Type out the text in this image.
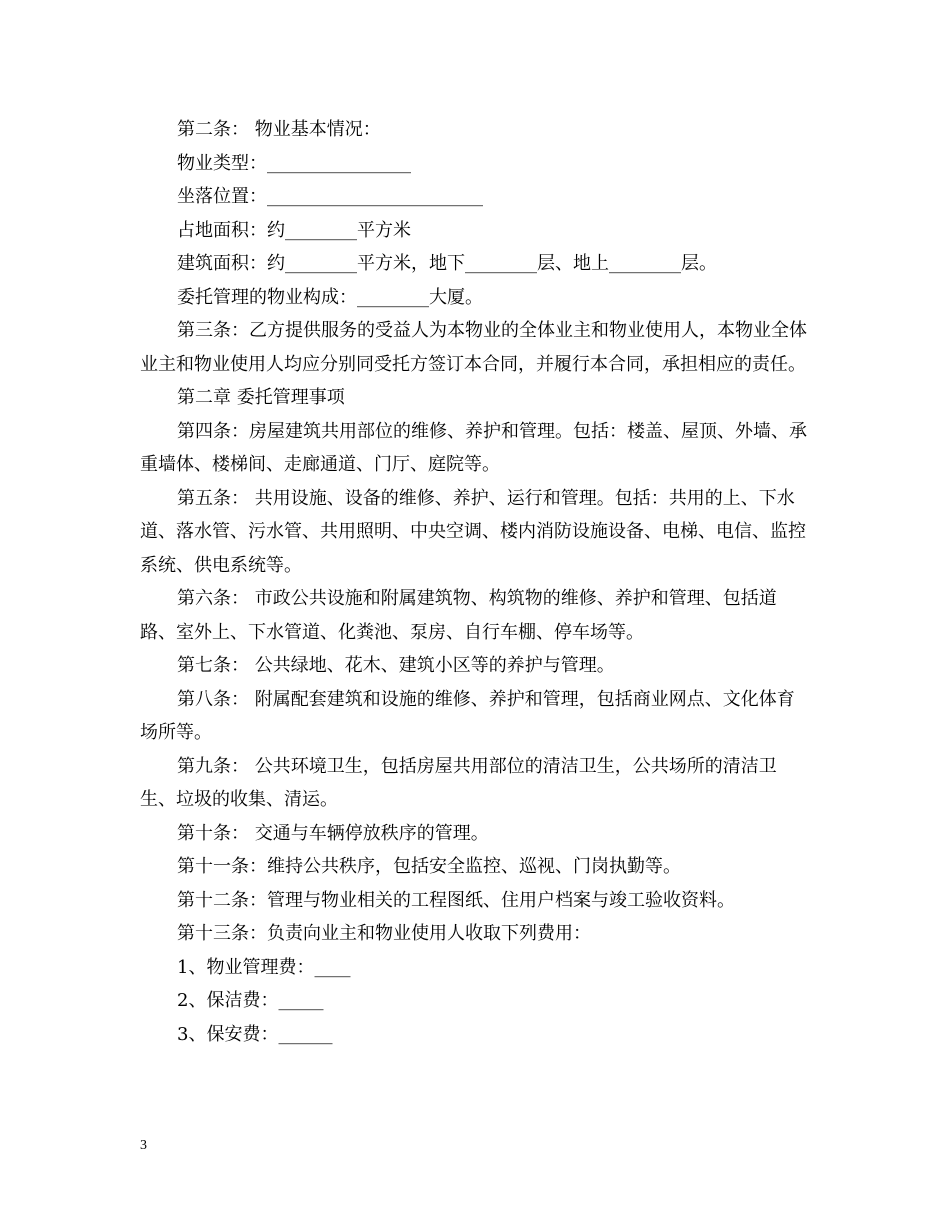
第二条： 物业基本情况：

物业类型：________________

坐落位置：________________________

占地面积：约________平方米

建筑面积：约________平方米，地下________层、地上________层。

委托管理的物业构成：________大厦。

第三条：乙方提供服务的受益人为本物业的全体业主和物业使用人，本物业全体业主和物业使用人均应分别同受托方签订本合同，并履行本合同，承担相应的责任。

第二章 委托管理事项

第四条：房屋建筑共用部位的维修、养护和管理。包括：楼盖、屋顶、外墙、承重墙体、楼梯间、走廊通道、门厅、庭院等。

第五条： 共用设施、设备的维修、养护、运行和管理。包括：共用的上、下水道、落水管、污水管、共用照明、中央空调、楼内消防设施设备、电梯、电信、监控系统、供电系统等。

第六条： 市政公共设施和附属建筑物、构筑物的维修、养护和管理、包括道路、室外上、下水管道、化粪池、泵房、自行车棚、停车场等。

第七条： 公共绿地、花木、建筑小区等的养护与管理。

第八条： 附属配套建筑和设施的维修、养护和管理，包括商业网点、文化体育场所等。

第九条： 公共环境卫生，包括房屋共用部位的清洁卫生，公共场所的清洁卫生、垃圾的收集、清运。

第十条： 交通与车辆停放秩序的管理。

第十一条：维持公共秩序，包括安全监控、巡视、门岗执勤等。

第十二条：管理与物业相关的工程图纸、住用户档案与竣工验收资料。

第十三条：负责向业主和物业使用人收取下列费用：

1、物业管理费：____

2、保洁费：_____

3、保安费：______

3
